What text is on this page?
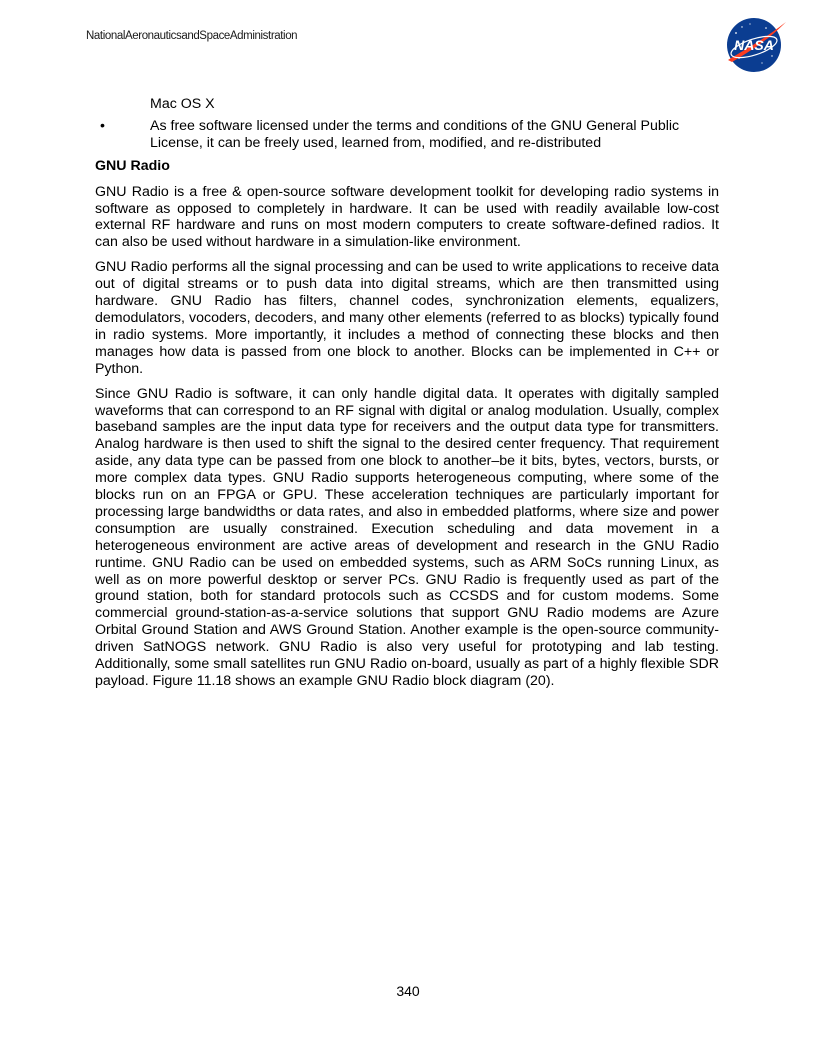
NationalAeronauticsandSpaceAdministration
NASA
Mac OS X
•	As free software licensed under the terms and conditions of the GNU General Public License, it can be freely used, learned from, modified, and re-distributed
GNU Radio

GNU Radio is a free & open-source software development toolkit for developing radio systems in software as opposed to completely in hardware. It can be used with readily available low-cost external RF hardware and runs on most modern computers to create software-defined radios. It can also be used without hardware in a simulation-like environment.

GNU Radio performs all the signal processing and can be used to write applications to receive data out of digital streams or to push data into digital streams, which are then transmitted using hardware. GNU Radio has filters, channel codes, synchronization elements, equalizers, demodulators, vocoders, decoders, and many other elements (referred to as blocks) typically found in radio systems. More importantly, it includes a method of connecting these blocks and then manages how data is passed from one block to another. Blocks can be implemented in C++ or Python.

Since GNU Radio is software, it can only handle digital data. It operates with digitally sampled waveforms that can correspond to an RF signal with digital or analog modulation. Usually, complex baseband samples are the input data type for receivers and the output data type for transmitters. Analog hardware is then used to shift the signal to the desired center frequency. That requirement aside, any data type can be passed from one block to another–be it bits, bytes, vectors, bursts, or more complex data types. GNU Radio supports heterogeneous computing, where some of the blocks run on an FPGA or GPU. These acceleration techniques are particularly important for processing large bandwidths or data rates, and also in embedded platforms, where size and power consumption are usually constrained. Execution scheduling and data movement in a heterogeneous environment are active areas of development and research in the GNU Radio runtime. GNU Radio can be used on embedded systems, such as ARM SoCs running Linux, as well as on more powerful desktop or server PCs. GNU Radio is frequently used as part of the ground station, both for standard protocols such as CCSDS and for custom modems. Some commercial ground-station-as-a-service solutions that support GNU Radio modems are Azure Orbital Ground Station and AWS Ground Station. Another example is the open-source community-driven SatNOGS network. GNU Radio is also very useful for prototyping and lab testing. Additionally, some small satellites run GNU Radio on-board, usually as part of a highly flexible SDR payload. Figure 11.18 shows an example GNU Radio block diagram (20).

340
